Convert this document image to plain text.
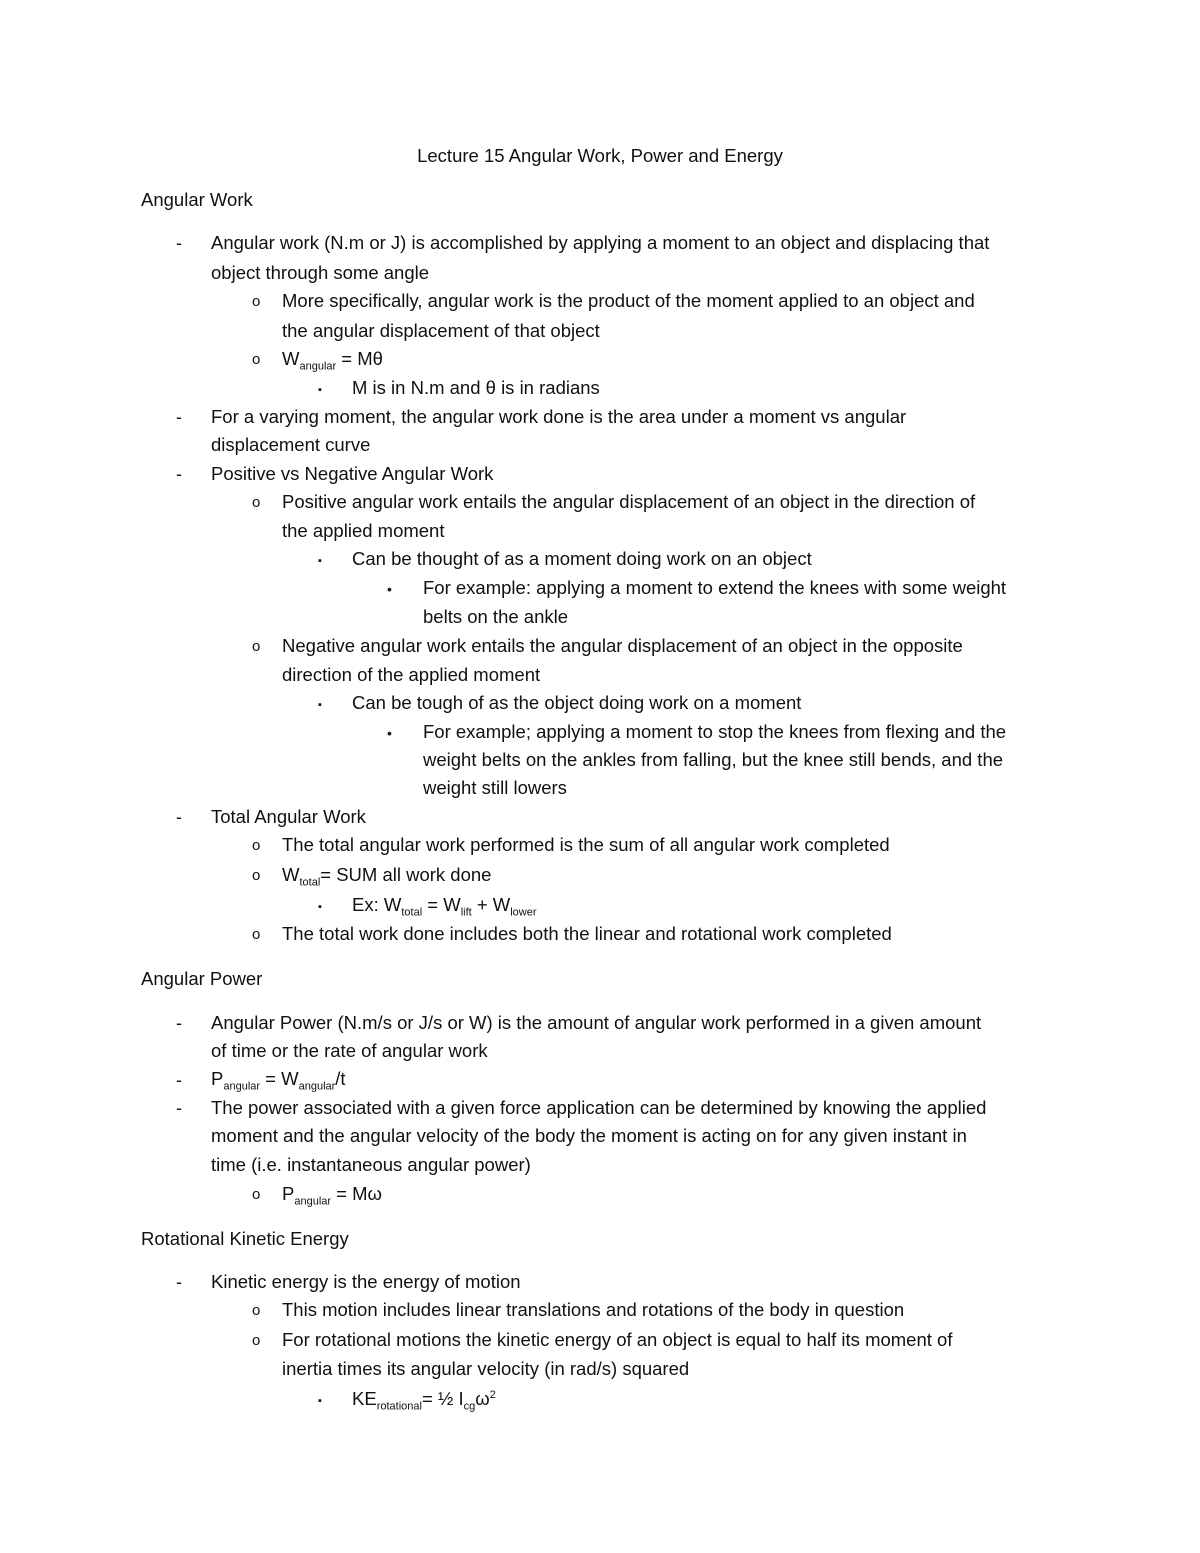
Lecture 15 Angular Work, Power and Energy
Angular Work
- Angular work (N.m or J) is accomplished by applying a moment to an object and displacing that
object through some angle
o More specifically, angular work is the product of the moment applied to an object and
the angular displacement of that object
o $W_{angular} = M\theta$
▪ M is in N.m and θ is in radians
- For a varying moment, the angular work done is the area under a moment vs angular
displacement curve
- Positive vs Negative Angular Work
o Positive angular work entails the angular displacement of an object in the direction of
the applied moment
▪ Can be thought of as a moment doing work on an object
• For example: applying a moment to extend the knees with some weight
belts on the ankle
o Negative angular work entails the angular displacement of an object in the opposite
direction of the applied moment
▪ Can be tough of as the object doing work on a moment
• For example; applying a moment to stop the knees from flexing and the
weight belts on the ankles from falling, but the knee still bends, and the
weight still lowers
- Total Angular Work
o The total angular work performed is the sum of all angular work completed
o $W_{total}=$ SUM all work done
▪ Ex: $W_{total} = W_{lift} + W_{lower}$
o The total work done includes both the linear and rotational work completed
Angular Power
- Angular Power (N.m/s or J/s or W) is the amount of angular work performed in a given amount
of time or the rate of angular work
- $P_{angular} = W_{angular}/t$
- The power associated with a given force application can be determined by knowing the applied
moment and the angular velocity of the body the moment is acting on for any given instant in
time (i.e. instantaneous angular power)
o $P_{angular} = M\omega$
Rotational Kinetic Energy
- Kinetic energy is the energy of motion
o This motion includes linear translations and rotations of the body in question
o For rotational motions the kinetic energy of an object is equal to half its moment of
inertia times its angular velocity (in rad/s) squared
▪ $KE_{rotational}=$ ½ $I_{cg}\omega^2$
